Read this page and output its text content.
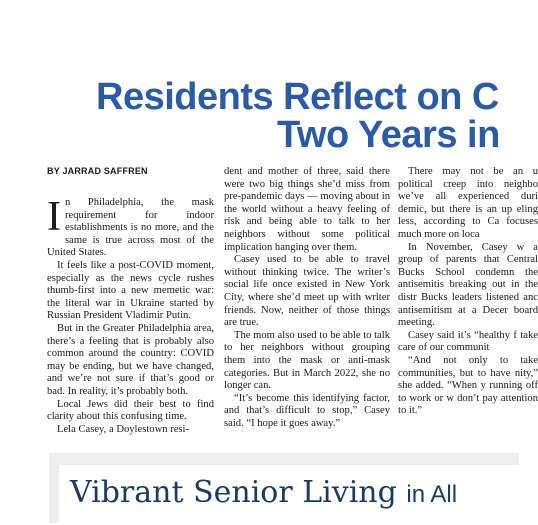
Residents Reflect on C
Two Years in
BY JARRAD SAFFREN

In Philadelphia, the mask requirement for indoor establishments is no more, and the same is true across most of the United States.

It feels like a post-COVID moment, especially as the news cycle rushes thumb-first into a new memetic war: the literal war in Ukraine started by Russian President Vladimir Putin.

But in the Greater Philadelphia area, there’s a feeling that is probably also common around the country: COVID may be ending, but we have changed, and we’re not sure if that’s good or bad. In reality, it’s probably both.

Local Jews did their best to find clarity about this confusing time.

Lela Casey, a Doylestown resi-

dent and mother of three, said there were two big things she’d miss from pre-pandemic days — moving about in the world without a heavy feeling of risk and being able to talk to her neighbors without some political implication hanging over them.

Casey used to be able to travel without thinking twice. The writer’s social life once existed in New York City, where she’d meet up with writer friends. Now, neither of those things are true.

The mom also used to be able to talk to her neighbors without grouping them into the mask or anti-mask categories. But in March 2022, she no longer can.

“It’s become this identifying factor, and that’s difficult to stop,” Casey said. “I hope it goes away.”

There may not be an u political creep into neighbo we’ve all experienced duri demic, but there is an up eling less, according to Ca focuses much more on loca

In November, Casey w a group of parents that Central Bucks School condemn the antisemitis breaking out in the distr Bucks leaders listened anc antisemitism at a Decer board meeting.

Casey said it’s “healthy f take care of our communit

“And not only to take communities, but to have nity,” she added. “When y running off to work or w don’t pay attention to it.”

Vibrant Senior Living in All
